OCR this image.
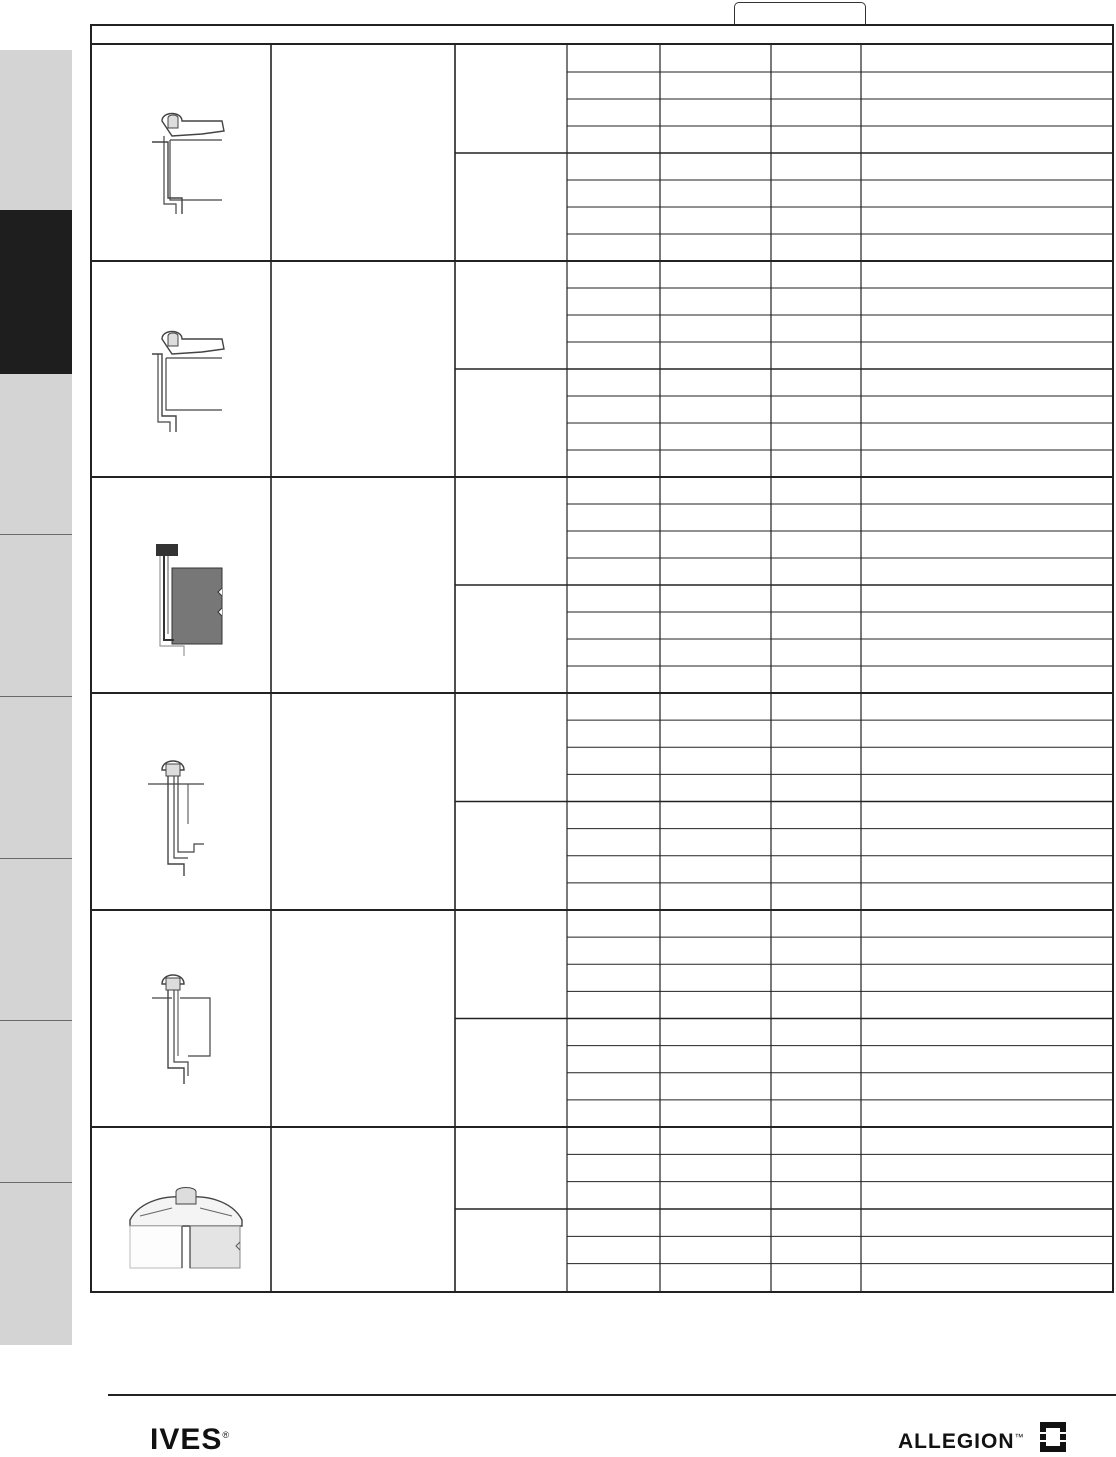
IVES®	ALLEGION™
